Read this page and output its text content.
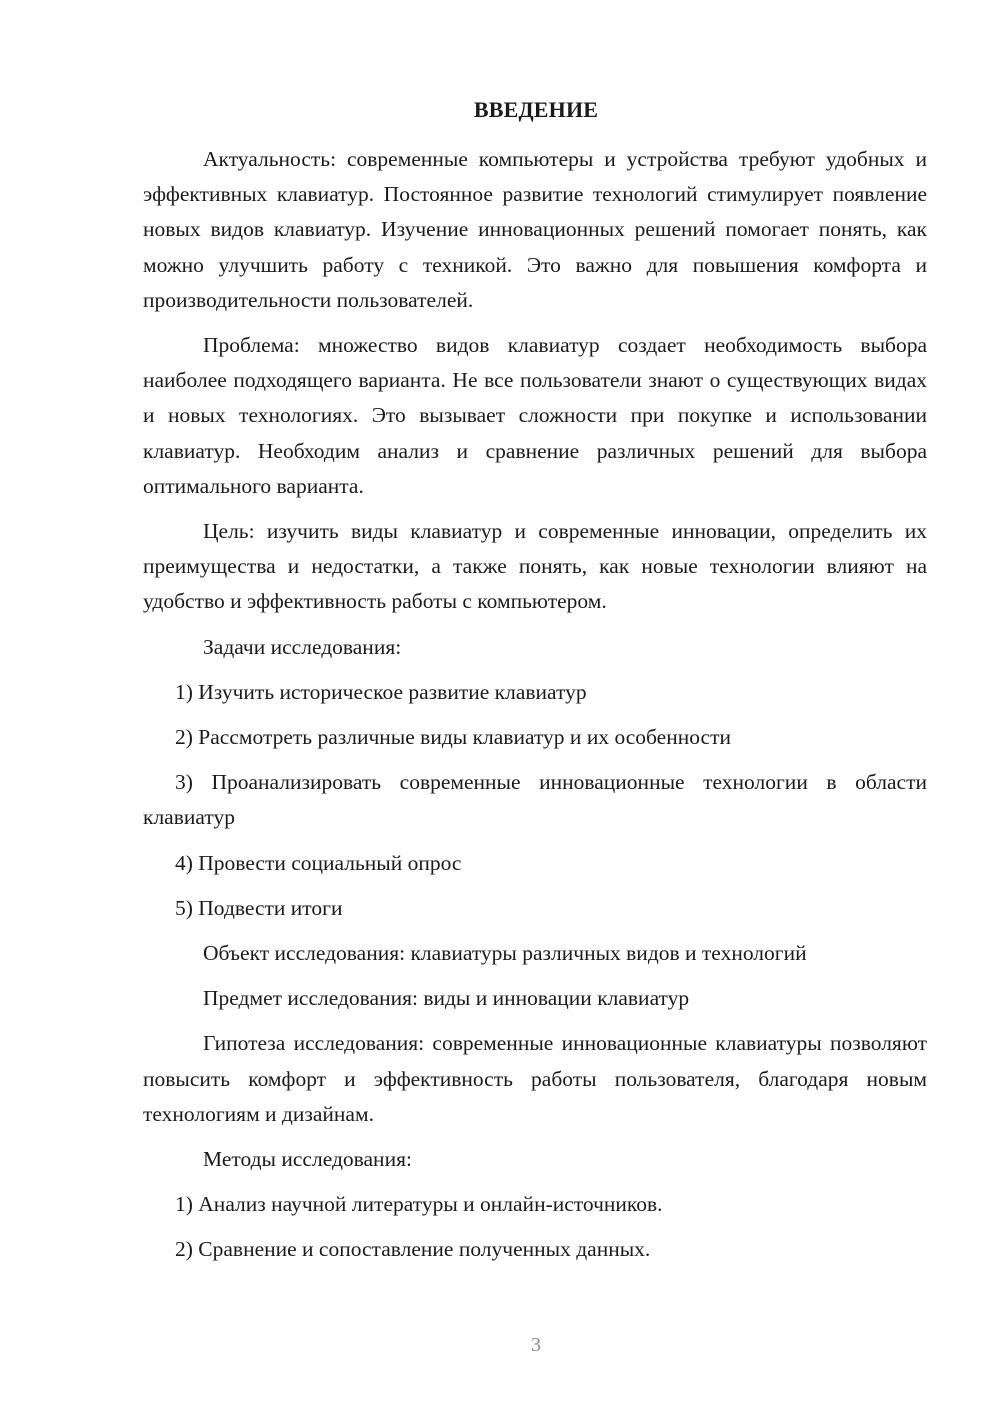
ВВЕДЕНИЕ

Актуальность: современные компьютеры и устройства требуют удобных и эффективных клавиатур. Постоянное развитие технологий стимулирует появление новых видов клавиатур. Изучение инновационных решений помогает понять, как можно улучшить работу с техникой. Это важно для повышения комфорта и производительности пользователей.

Проблема: множество видов клавиатур создает необходимость выбора наиболее подходящего варианта. Не все пользователи знают о существующих видах и новых технологиях. Это вызывает сложности при покупке и использовании клавиатур. Необходим анализ и сравнение различных решений для выбора оптимального варианта.

Цель: изучить виды клавиатур и современные инновации, определить их преимущества и недостатки, а также понять, как новые технологии влияют на удобство и эффективность работы с компьютером.

Задачи исследования:

1) Изучить историческое развитие клавиатур

2) Рассмотреть различные виды клавиатур и их особенности

3) Проанализировать современные инновационные технологии в области клавиатур

4) Провести социальный опрос

5) Подвести итоги

Объект исследования: клавиатуры различных видов и технологий

Предмет исследования: виды и инновации клавиатур

Гипотеза исследования: современные инновационные клавиатуры позволяют повысить комфорт и эффективность работы пользователя, благодаря новым технологиям и дизайнам.

Методы исследования:

1) Анализ научной литературы и онлайн-источников.

2) Сравнение и сопоставление полученных данных.

3
